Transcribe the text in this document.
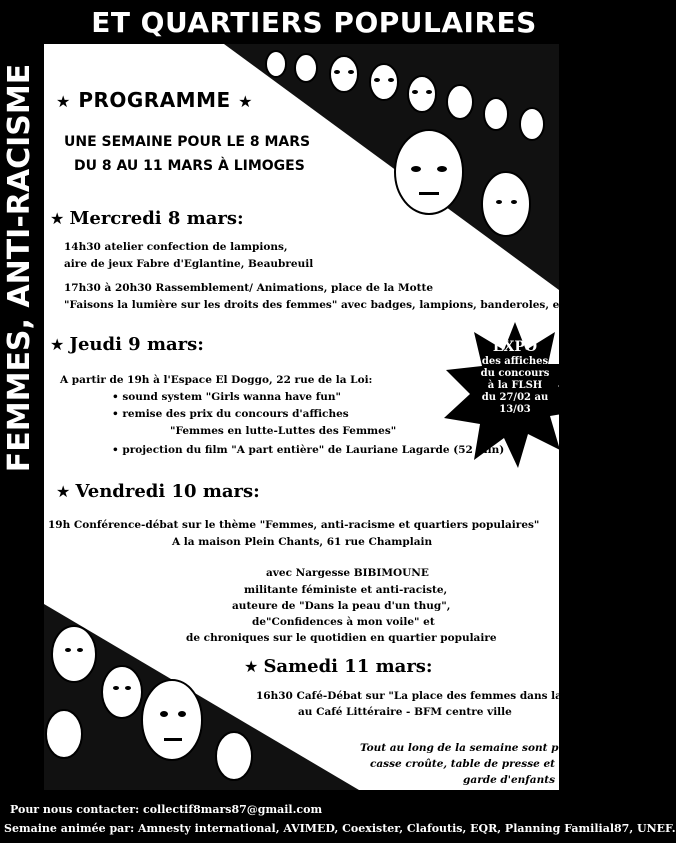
ET QUARTIERS POPULAIRES
FEMMES, ANTI-RACISME ★ PROGRAMME ★
UNE SEMAINE POUR LE 8 MARS
DU 8 AU 11 MARS À LIMOGES
★ Mercredi 8 mars:
14h30 atelier confection de lampions,
aire de jeux Fabre d'Eglantine, Beaubreuil
17h30 à 20h30 Rassemblement/ Animations, place de la Motte
"Faisons la lumière sur les droits des femmes" avec badges, lampions, banderoles, etc
★ Jeudi 9 mars:
A partir de 19h à l'Espace El Doggo, 22 rue de la Loi:
• sound system "Girls wanna have fun"
• remise des prix du concours d'affiches
"Femmes en lutte-Luttes des Femmes"
• projection du film "A part entière" de Lauriane Lagarde (52 min)
EXPO
des affiches
du concours
à la FLSH
du 27/02 au
13/03
★ Vendredi 10 mars:
19h Conférence-débat sur le thème "Femmes, anti-racisme et quartiers populaires"
A la maison Plein Chants, 61 rue Champlain
avec Nargesse BIBIMOUNE
militante féministe et anti-raciste,
auteure de "Dans la peau d'un thug",
de"Confidences à mon voile" et
de chroniques sur le quotidien en quartier populaire
★ Samedi 11 mars:
16h30 Café-Débat sur "La place des femmes dans la religion"
au Café Littéraire - BFM centre ville
Tout au long de la semaine sont prévus
casse croûte, table de presse et
garde d'enfants
Pour nous contacter: collectif8mars87@gmail.com
Semaine animée par: Amnesty international, AVIMED, Coexister, Clafoutis, EQR, Planning Familial87, UNEF.
